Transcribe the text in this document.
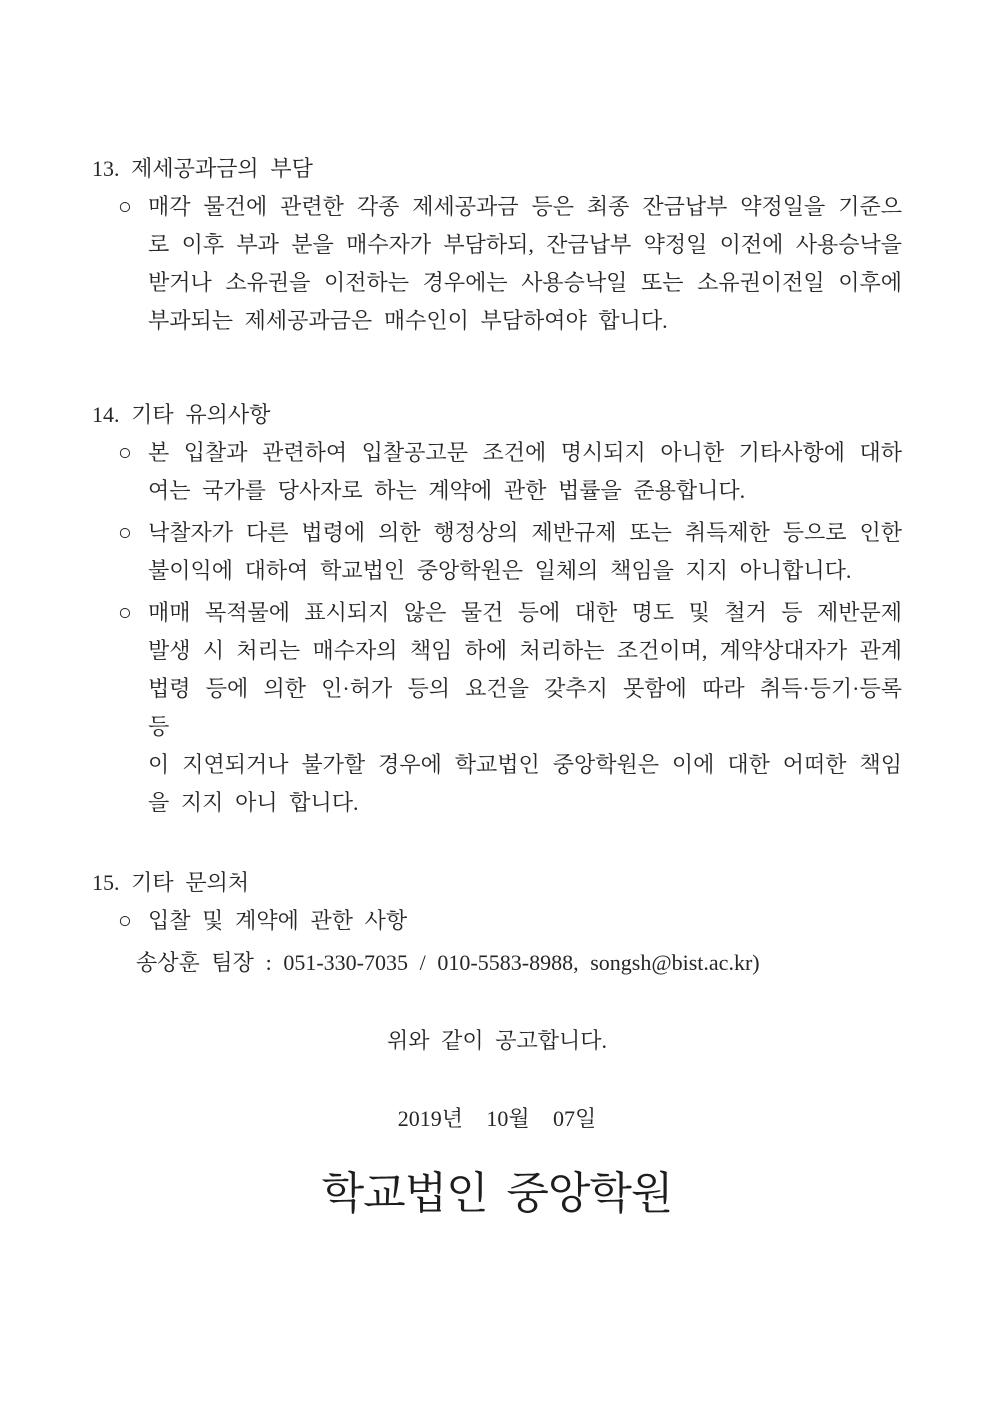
13. 제세공과금의 부담
○ 매각 물건에 관련한 각종 제세공과금 등은 최종 잔금납부 약정일을 기준으
로 이후 부과 분을 매수자가 부담하되, 잔금납부 약정일 이전에 사용승낙을
받거나 소유권을 이전하는 경우에는 사용승낙일 또는 소유권이전일 이후에
부과되는 제세공과금은 매수인이 부담하여야 합니다.
14. 기타 유의사항
○ 본 입찰과 관련하여 입찰공고문 조건에 명시되지 아니한 기타사항에 대하
여는 국가를 당사자로 하는 계약에 관한 법률을 준용합니다.
○ 낙찰자가 다른 법령에 의한 행정상의 제반규제 또는 취득제한 등으로 인한
불이익에 대하여 학교법인 중앙학원은 일체의 책임을 지지 아니합니다.
○ 매매 목적물에 표시되지 않은 물건 등에 대한 명도 및 철거 등 제반문제
발생 시 처리는 매수자의 책임 하에 처리하는 조건이며, 계약상대자가 관계
법령 등에 의한 인·허가 등의 요건을 갖추지 못함에 따라 취득·등기·등록 등
이 지연되거나 불가할 경우에 학교법인 중앙학원은 이에 대한 어떠한 책임
을 지지 아니 합니다.
15. 기타 문의처
○ 입찰 및 계약에 관한 사항
송상훈 팀장 : 051-330-7035 / 010-5583-8988, songsh@bist.ac.kr)
위와 같이 공고합니다.
2019년  10월  07일
학교법인 중앙학원
